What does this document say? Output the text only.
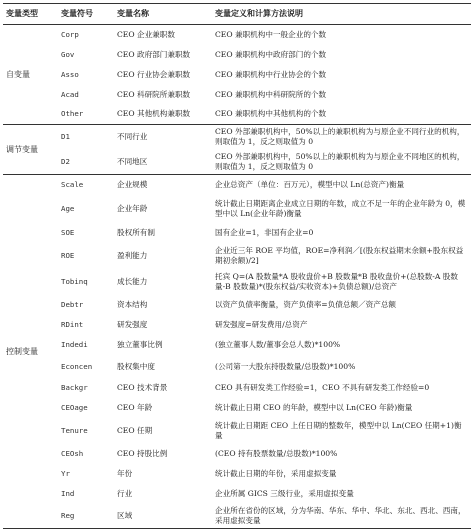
变量类型	变量符号	变量名称	变量定义和计算方法说明
自变量	Corp	CEO 企业兼职数	CEO 兼职机构中一般企业的个数
	Gov	CEO 政府部门兼职数	CEO 兼职机构中政府部门的个数
	Asso	CEO 行业协会兼职数	CEO 兼职机构中行业协会的个数
	Acad	CEO 科研院所兼职数	CEO 兼职机构中科研院所的个数
	Other	CEO 其他机构兼职数	CEO 兼职机构中其他机构的个数
调节变量	D1	不同行业	CEO 外部兼职机构中，50%以上的兼职机构为与原企业不同行业的机构，则取值为 1，反之则取值为 0
	D2	不同地区	CEO 外部兼职机构中，50%以上的兼职机构为与原企业不同地区的机构，则取值为 1，反之则取值为 0
控制变量	Scale	企业规模	企业总资产（单位：百万元），模型中以 Ln(总资产)衡量
	Age	企业年龄	统计截止日期距离企业成立日期的年数，成立不足一年的企业年龄为 0，模型中以 Ln(企业年龄)衡量
	SOE	股权所有制	国有企业=1，非国有企业=0
	ROE	盈利能力	企业近三年 ROE 平均值，ROE=净利润／[(股东权益期末余额+股东权益期初余额)/2]
	Tobinq	成长能力	托宾 Q=(A 股数量*A 股收盘价+B 股数量*B 股收盘价+(总股数-A 股数量-B 股数量)*(股东权益/实收资本)+负债总额)/总资产
	Debtr	资本结构	以资产负债率衡量，资产负债率=负债总额／资产总额
	RDint	研发强度	研发强度=研发费用/总资产
	Indedi	独立董事比例	(独立董事人数/董事会总人数)*100%
	Econcen	股权集中度	(公司第一大股东持股数量/总股数)*100%
	Backgr	CEO 技术背景	CEO 具有研发类工作经验=1，CEO 不具有研发类工作经验=0
	CEOage	CEO 年龄	统计截止日期 CEO 的年龄，模型中以 Ln(CEO 年龄)衡量
	Tenure	CEO 任期	统计截止日期距 CEO 上任日期的整数年，模型中以 Ln(CEO 任期+1)衡量
	CEOsh	CEO 持股比例	(CEO 持有股票数量/总股数)*100%
	Yr	年份	统计截止日期的年份，采用虚拟变量
	Ind	行业	企业所属 GICS 三级行业，采用虚拟变量
	Reg	区域	企业所在省份的区域，分为华南、华东、华中、华北、东北、西北、西南，采用虚拟变量
